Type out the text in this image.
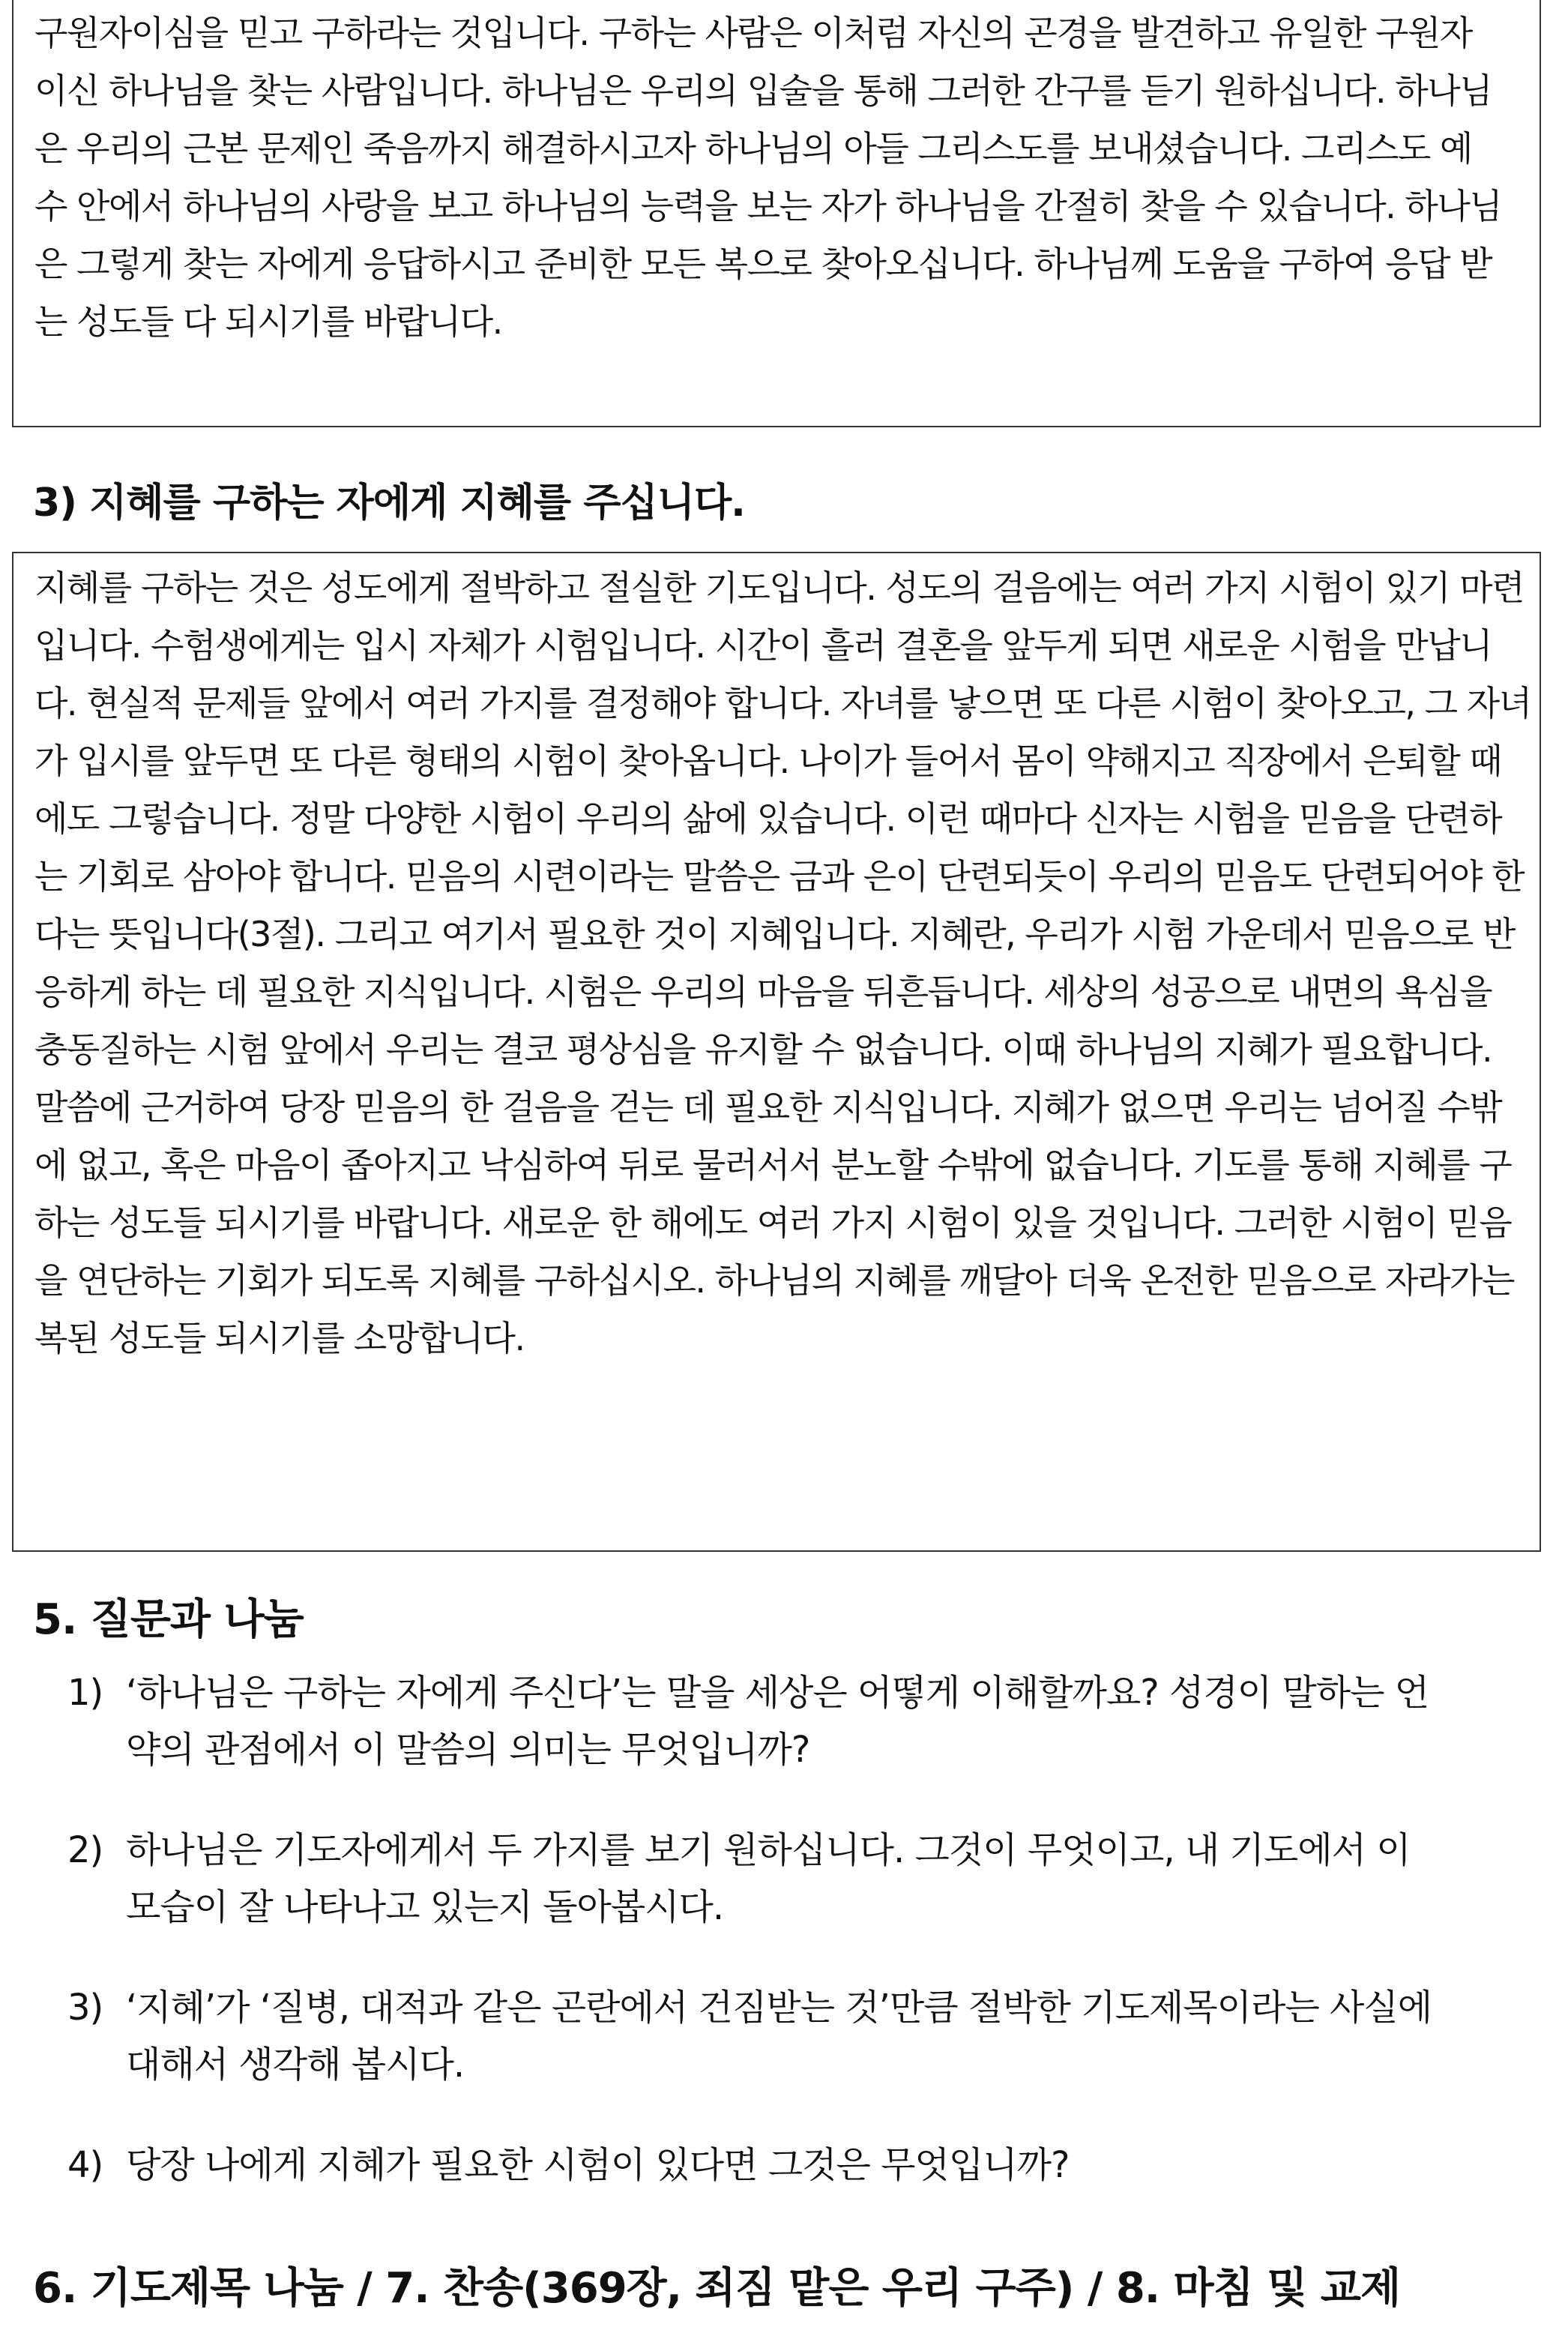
구원자이심을 믿고 구하라는 것입니다. 구하는 사람은 이처럼 자신의 곤경을 발견하고 유일한 구원자
이신 하나님을 찾는 사람입니다. 하나님은 우리의 입술을 통해 그러한 간구를 듣기 원하십니다. 하나님
은 우리의 근본 문제인 죽음까지 해결하시고자 하나님의 아들 그리스도를 보내셨습니다. 그리스도 예
수 안에서 하나님의 사랑을 보고 하나님의 능력을 보는 자가 하나님을 간절히 찾을 수 있습니다. 하나님
은 그렇게 찾는 자에게 응답하시고 준비한 모든 복으로 찾아오십니다. 하나님께 도움을 구하여 응답 받
는 성도들 다 되시기를 바랍니다.
3) 지혜를 구하는 자에게 지혜를 주십니다.
지혜를 구하는 것은 성도에게 절박하고 절실한 기도입니다. 성도의 걸음에는 여러 가지 시험이 있기 마련
입니다. 수험생에게는 입시 자체가 시험입니다. 시간이 흘러 결혼을 앞두게 되면 새로운 시험을 만납니
다. 현실적 문제들 앞에서 여러 가지를 결정해야 합니다. 자녀를 낳으면 또 다른 시험이 찾아오고, 그 자녀
가 입시를 앞두면 또 다른 형태의 시험이 찾아옵니다. 나이가 들어서 몸이 약해지고 직장에서 은퇴할 때
에도 그렇습니다. 정말 다양한 시험이 우리의 삶에 있습니다. 이런 때마다 신자는 시험을 믿음을 단련하
는 기회로 삼아야 합니다. 믿음의 시련이라는 말씀은 금과 은이 단련되듯이 우리의 믿음도 단련되어야 한
다는 뜻입니다(3절). 그리고 여기서 필요한 것이 지혜입니다. 지혜란, 우리가 시험 가운데서 믿음으로 반
응하게 하는 데 필요한 지식입니다. 시험은 우리의 마음을 뒤흔듭니다. 세상의 성공으로 내면의 욕심을
충동질하는 시험 앞에서 우리는 결코 평상심을 유지할 수 없습니다. 이때 하나님의 지혜가 필요합니다.
말씀에 근거하여 당장 믿음의 한 걸음을 걷는 데 필요한 지식입니다. 지혜가 없으면 우리는 넘어질 수밖
에 없고, 혹은 마음이 좁아지고 낙심하여 뒤로 물러서서 분노할 수밖에 없습니다. 기도를 통해 지혜를 구
하는 성도들 되시기를 바랍니다. 새로운 한 해에도 여러 가지 시험이 있을 것입니다. 그러한 시험이 믿음
을 연단하는 기회가 되도록 지혜를 구하십시오. 하나님의 지혜를 깨달아 더욱 온전한 믿음으로 자라가는
복된 성도들 되시기를 소망합니다.
5. 질문과 나눔
1) ‘하나님은 구하는 자에게 주신다’는 말을 세상은 어떻게 이해할까요? 성경이 말하는 언
약의 관점에서 이 말씀의 의미는 무엇입니까?
2) 하나님은 기도자에게서 두 가지를 보기 원하십니다. 그것이 무엇이고, 내 기도에서 이
모습이 잘 나타나고 있는지 돌아봅시다.
3) ‘지혜’가 ‘질병, 대적과 같은 곤란에서 건짐받는 것’만큼 절박한 기도제목이라는 사실에
대해서 생각해 봅시다.
4) 당장 나에게 지혜가 필요한 시험이 있다면 그것은 무엇입니까?
6. 기도제목 나눔 / 7. 찬송(369장, 죄짐 맡은 우리 구주) / 8. 마침 및 교제
